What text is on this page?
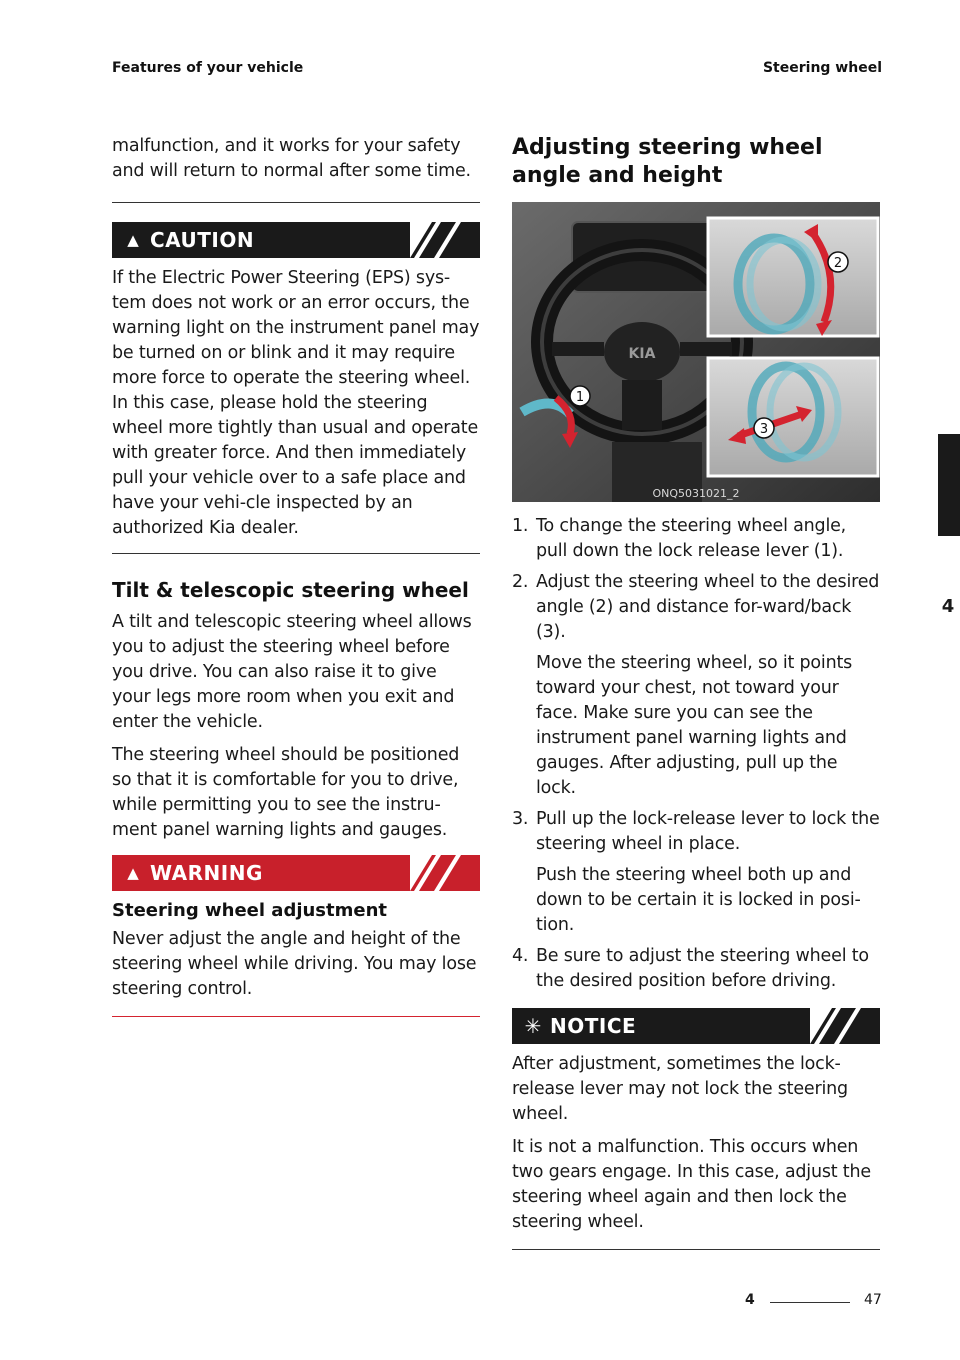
Features of your vehicle	Steering wheel
4

malfunction, and it works for your safety and will return to normal after some time.

▲ CAUTION

If the Electric Power Steering (EPS) sys-tem does not work or an error occurs, the warning light on the instrument panel may be turned on or blink and it may require more force to operate the steering wheel. In this case, please hold the steering wheel more tightly than usual and operate with greater force. And then immediately pull your vehicle over to a safe place and have your vehi-cle inspected by an authorized Kia dealer.

Tilt & telescopic steering wheel

A tilt and telescopic steering wheel allows you to adjust the steering wheel before you drive. You can also raise it to give your legs more room when you exit and enter the vehicle.

The steering wheel should be positioned so that it is comfortable for you to drive, while permitting you to see the instru-ment panel warning lights and gauges.

▲ WARNING
Steering wheel adjustment

Never adjust the angle and height of the steering wheel while driving. You may lose steering control.

Adjusting steering wheel angle and height
KIA
1
2
3
ONQ5031021_2
1. To change the steering wheel angle, pull down the lock release lever (1).

2. Adjust the steering wheel to the desired angle (2) and distance for-ward/back (3).

Move the steering wheel, so it points toward your chest, not toward your face. Make sure you can see the instrument panel warning lights and gauges. After adjusting, pull up the lock.

3. Pull up the lock-release lever to lock the steering wheel in place.

Push the steering wheel both up and down to be certain it is locked in posi-tion.

4. Be sure to adjust the steering wheel to the desired position before driving.

✳ NOTICE

After adjustment, sometimes the lock-release lever may not lock the steering wheel.

It is not a malfunction. This occurs when two gears engage. In this case, adjust the steering wheel again and then lock the steering wheel.

4	47
